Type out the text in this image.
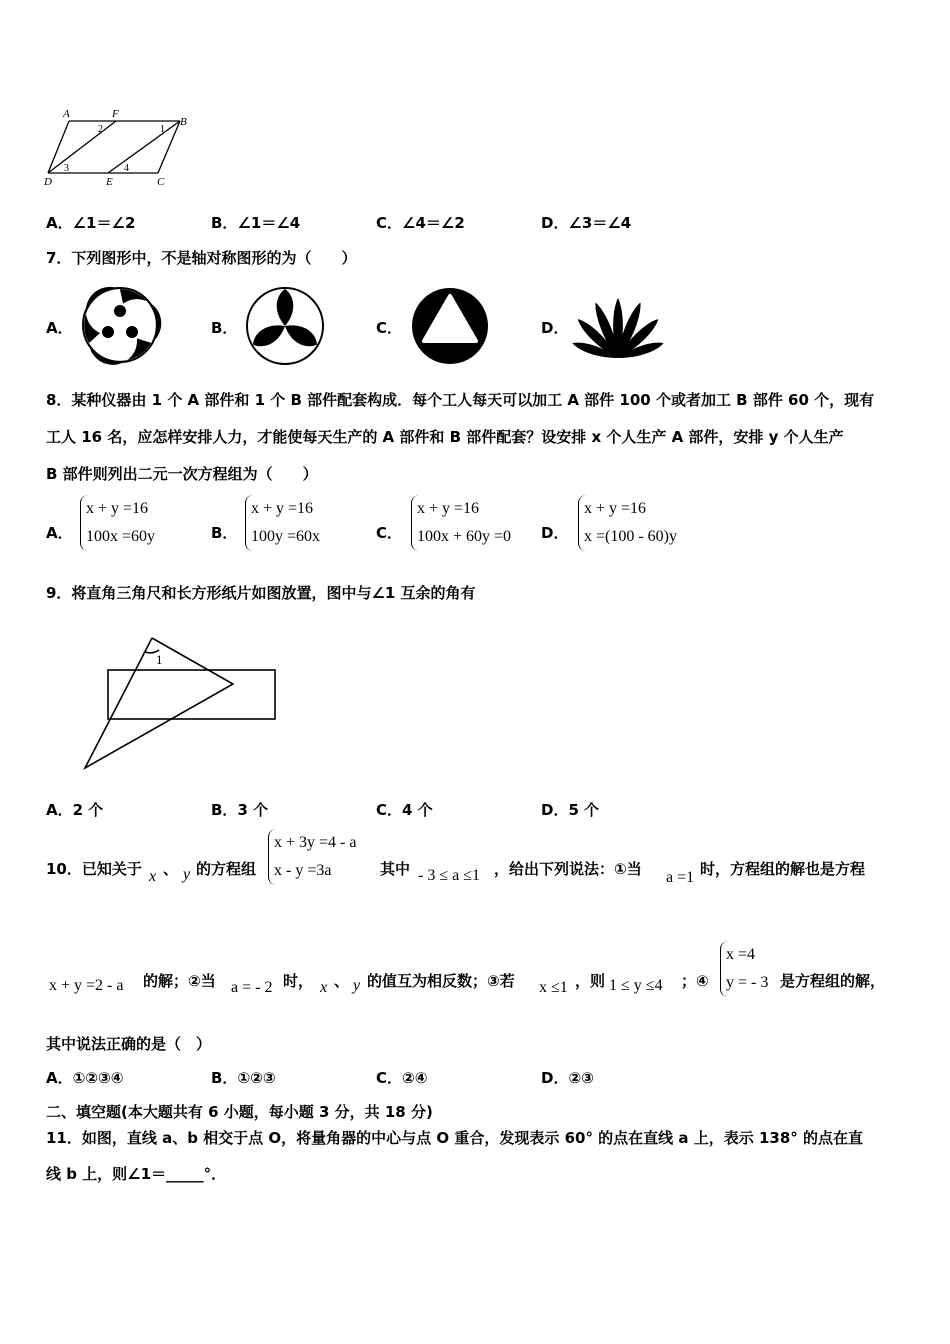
A	F
B
D	E	C
1
2
3	4
A．∠1＝∠2	B．∠1＝∠4	C．∠4＝∠2	D．∠3＝∠4
7．下列图形中，不是轴对称图形的为（　　）
A．	B．	C．	D．
8．某种仪器由 1 个 A 部件和 1 个 B 部件配套构成．每个工人每天可以加工 A 部件 100 个或者加工 B 部件 60 个，现有
工人 16 名，应怎样安排人力，才能使每天生产的 A 部件和 B 部件配套？设安排 x 个人生产 A 部件，安排 y 个人生产
B 部件则列出二元一次方程组为（　　）
A．
x + y =16
100x =60y	B．
x + y =16
100y =60x	C．
x + y =16
100x + 60y =0 D．
x + y =16
x =(100 - 60)y
9．将直角三角尺和长方形纸片如图放置，图中与∠1 互余的角有
1
A．2 个	B．3 个	C．4 个	D．5 个
10．已知关于 x 、 y 的方程组
x + 3y =4 - a
x - y =3a	其中 - 3 ≤ a ≤1 ，给出下列说法：①当 a =1 时，方程组的解也是方程
x + y =2 - a 的解；②当 a = - 2 时， x 、 y 的值互为相反数；③若 x ≤1 ，则 1 ≤ y ≤4 ；④
x =4
y = - 3 是方程组的解，
其中说法正确的是（　）
A．①②③④	B．①②③	C．②④	D．②③
二、填空题(本大题共有 6 小题，每小题 3 分，共 18 分)
11．如图，直线 a、b 相交于点 O，将量角器的中心与点 O 重合，发现表示 60° 的点在直线 a 上，表示 138° 的点在直
线 b 上，则∠1＝_____°．
